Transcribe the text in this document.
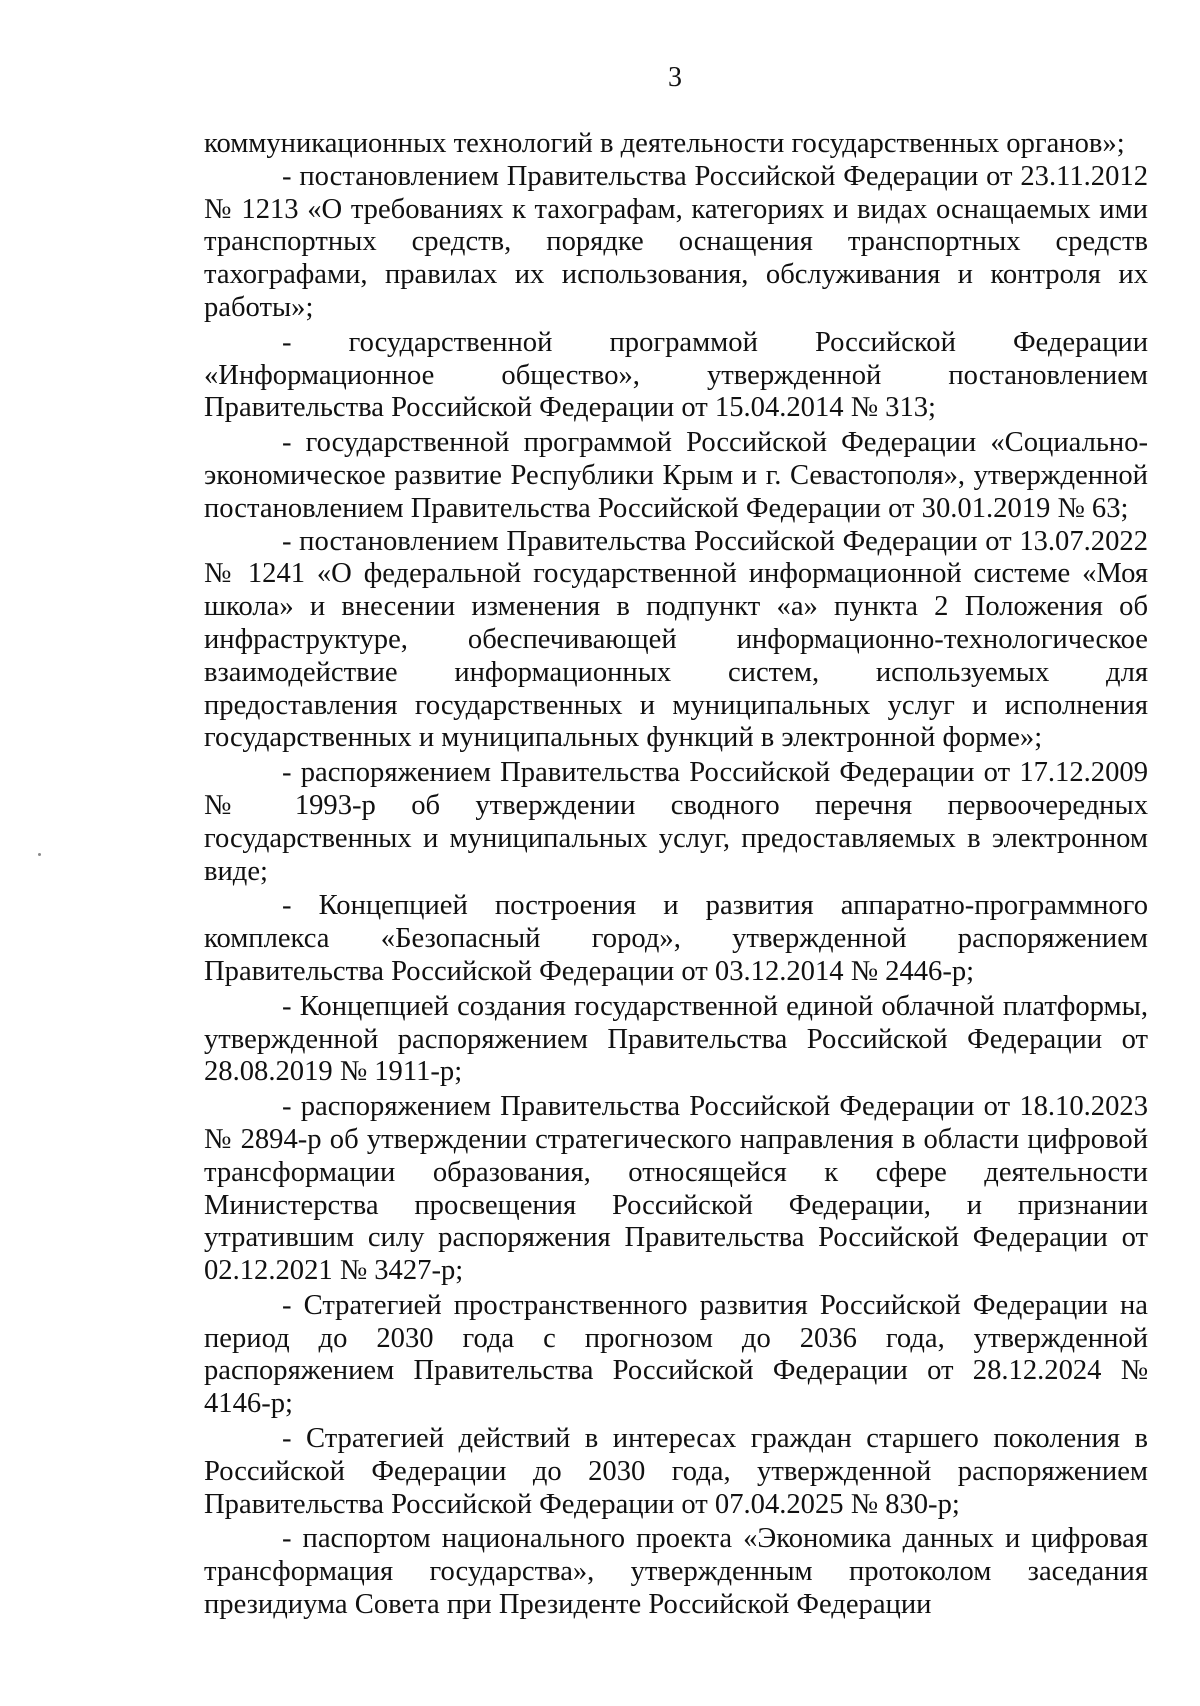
3

коммуникационных технологий в деятельности государственных органов»;

- постановлением Правительства Российской Федерации от 23.11.2012 № 1213 «О требованиях к тахографам, категориях и видах оснащаемых ими транспортных средств, порядке оснащения транспортных средств тахографами, правилах их использования, обслуживания и контроля их работы»;

- государственной программой Российской Федерации «Информационное общество», утвержденной постановлением Правительства Российской Федерации от 15.04.2014 № 313;

- государственной программой Российской Федерации «Социально-экономическое развитие Республики Крым и г. Севастополя», утвержденной постановлением Правительства Российской Федерации от 30.01.2019 № 63;

- постановлением Правительства Российской Федерации от 13.07.2022 № 1241 «О федеральной государственной информационной системе «Моя школа» и внесении изменения в подпункт «а» пункта 2 Положения об инфраструктуре, обеспечивающей информационно-технологическое взаимодействие информационных систем, используемых для предоставления государственных и муниципальных услуг и исполнения государственных и муниципальных функций в электронной форме»;

- распоряжением Правительства Российской Федерации от 17.12.2009 № 1993-р об утверждении сводного перечня первоочередных государственных и муниципальных услуг, предоставляемых в электронном виде;

- Концепцией построения и развития аппаратно-программного комплекса «Безопасный город», утвержденной распоряжением Правительства Российской Федерации от 03.12.2014 № 2446-р;

- Концепцией создания государственной единой облачной платформы, утвержденной распоряжением Правительства Российской Федерации от 28.08.2019 № 1911-р;

- распоряжением Правительства Российской Федерации от 18.10.2023 № 2894-р об утверждении стратегического направления в области цифровой трансформации образования, относящейся к сфере деятельности Министерства просвещения Российской Федерации, и признании утратившим силу распоряжения Правительства Российской Федерации от 02.12.2021 № 3427-р;

- Стратегией пространственного развития Российской Федерации на период до 2030 года с прогнозом до 2036 года, утвержденной распоряжением Правительства Российской Федерации от 28.12.2024 № 4146-р;

- Стратегией действий в интересах граждан старшего поколения в Российской Федерации до 2030 года, утвержденной распоряжением Правительства Российской Федерации от 07.04.2025 № 830-р;

- паспортом национального проекта «Экономика данных и цифровая трансформация государства», утвержденным протоколом заседания президиума Совета при Президенте Российской Федерации
